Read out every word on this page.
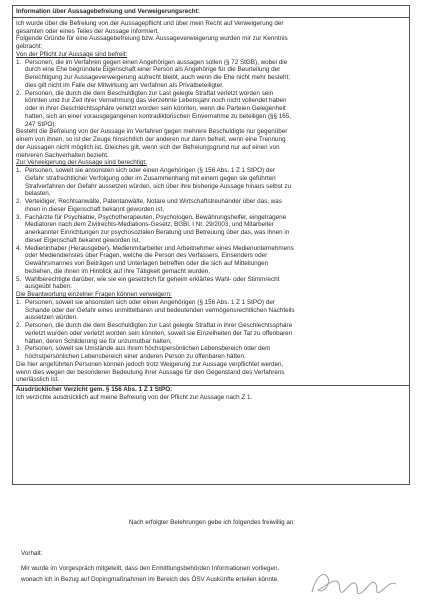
Information über Aussagebefreiung und Verweigerungsrecht:

Ich wurde über die Befreiung von der Aussagepflicht und über mein Recht auf Verweigerung der

gesamten oder eines Teiles der Aussage informiert.

Folgende Gründe für eine Aussagebefreiung bzw. Aussageverweigerung wurden mir zur Kenntnis

gebracht:

Von der Pflicht zur Aussage sind befreit:

1. Personen, die im Verfahren gegen einen Angehörigen aussagen sollen (§ 72 StGB), wobei die

durch eine Ehe begründete Eigenschaft einer Person als Angehörige für die Beurteilung der

Berechtigung zur Aussageverweigerung aufrecht bleibt, auch wenn die Ehe nicht mehr besteht;

dies gilt nicht im Falle der Mitwirkung am Verfahren als Privatbeteiligter.

2. Personen, die durch die dem Beschuldigten zur Last gelegte Straftat verletzt worden sein

könnten und zur Zeit ihrer Vernehmung das vierzehnte Lebensjahr noch nicht vollendet haben

oder in ihrer Geschlechtssphäre verletzt worden sein könnten, wenn die Parteien Gelegenheit

hatten, sich an einer vorausgegangenen kontradiktorischen Einvernahme zu beteiligen (§§ 165,

247 StPO).

Besteht die Befreiung von der Aussage im Verfahren gegen mehrere Beschuldigte nur gegenüber

einem von ihnen, so ist der Zeuge hinsichtlich der anderen nur dann befreit, wenn eine Trennung

der Aussagen nicht möglich ist. Gleiches gilt, wenn sich der Befreiungsgrund nur auf einen von

mehreren Sachverhalten bezieht.

Zur Verweigerung der Aussage sind berechtigt:

1. Personen, soweit sie ansonsten sich oder einen Angehörigen (§ 156 Abs. 1 Z 1 StPO) der

Gefahr strafrechtlicher Verfolgung oder im Zusammenhang mit einem gegen sie geführten

Strafverfahren der Gefahr aussetzen würden, sich über ihre bisherige Aussage hinaus selbst zu

belasten,

2. Verteidiger, Rechtsanwälte, Patentanwälte, Notare und Wirtschaftstreuhänder über das, was

ihnen in dieser Eigenschaft bekannt geworden ist,

3. Fachärzte für Psychiatrie, Psychotherapeuten, Psychologen, Bewährungshelfer, eingetragene

Mediatoren nach dem Zivilrechts-Mediations-Gesetz, BGBl. I Nr. 29/2003, und Mitarbeiter

anerkannter Einrichtungen zur psychosozialen Beratung und Betreuung über das, was ihnen in

dieser Eigenschaft bekannt geworden ist,

4. Medieninhaber (Herausgeber), Medienmitarbeiter und Arbeitnehmer eines Medienunternehmens

oder Mediendienstes über Fragen, welche die Person des Verfassers, Einsenders oder

Gewährsmannes von Beiträgen und Unterlagen betreffen oder die sich auf Mitteilungen

beziehen, die ihnen im Hinblick auf ihre Tätigkeit gemacht wurden,

5. Wahlberechtigte darüber, wie sie ein gesetzlich für geheim erklärtes Wahl- oder Stimmrecht

ausgeübt haben.

Die Beantwortung einzelner Fragen können verweigern:

1. Personen, soweit sie ansonsten sich oder einen Angehörigen (§ 156 Abs. 1 Z 1 StPO) der

Schande oder der Gefahr eines unmittelbaren und bedeutenden vermögensrechtlichen Nachteils

aussetzen würden.

2. Personen, die durch die dem Beschuldigten zur Last gelegte Straftat in ihrer Geschlechtssphäre

verletzt wurden oder verletzt worden sein könnten, soweit sie Einzelheiten der Tat zu offenbaren

hätten, deren Schilderung sie für unzumutbar halten,

3. Personen, soweit sie Umstände aus ihrem höchstpersönlichen Lebensbereich oder dem

höchstpersönlichen Lebensbereich einer anderen Person zu offenbaren hätten.

Die hier angeführten Personen können jedoch trotz Weigerung zur Aussage verpflichtet werden,

wenn dies wegen der besonderen Bedeutung ihrer Aussage für den Gegenstand des Verfahrens

unerlässlich ist.

Ausdrücklicher Verzicht gem. § 156 Abs. 1 Z 1 StPO:

Ich verzichte ausdrücklich auf meine Befreiung von der Pflicht zur Aussage nach Z 1.

Nach erfolgter Belehrungen gebe ich folgendes freiwillig an:
Vorhalt:
Mir wurde im Vorgespräch mitgeteilt, dass den Ermittlungsbehörden Informationen vorliegen,
wonach ich in Bezug auf Dopingmaßnahmen im Bereich des ÖSV Auskünfte erteilen könnte.
